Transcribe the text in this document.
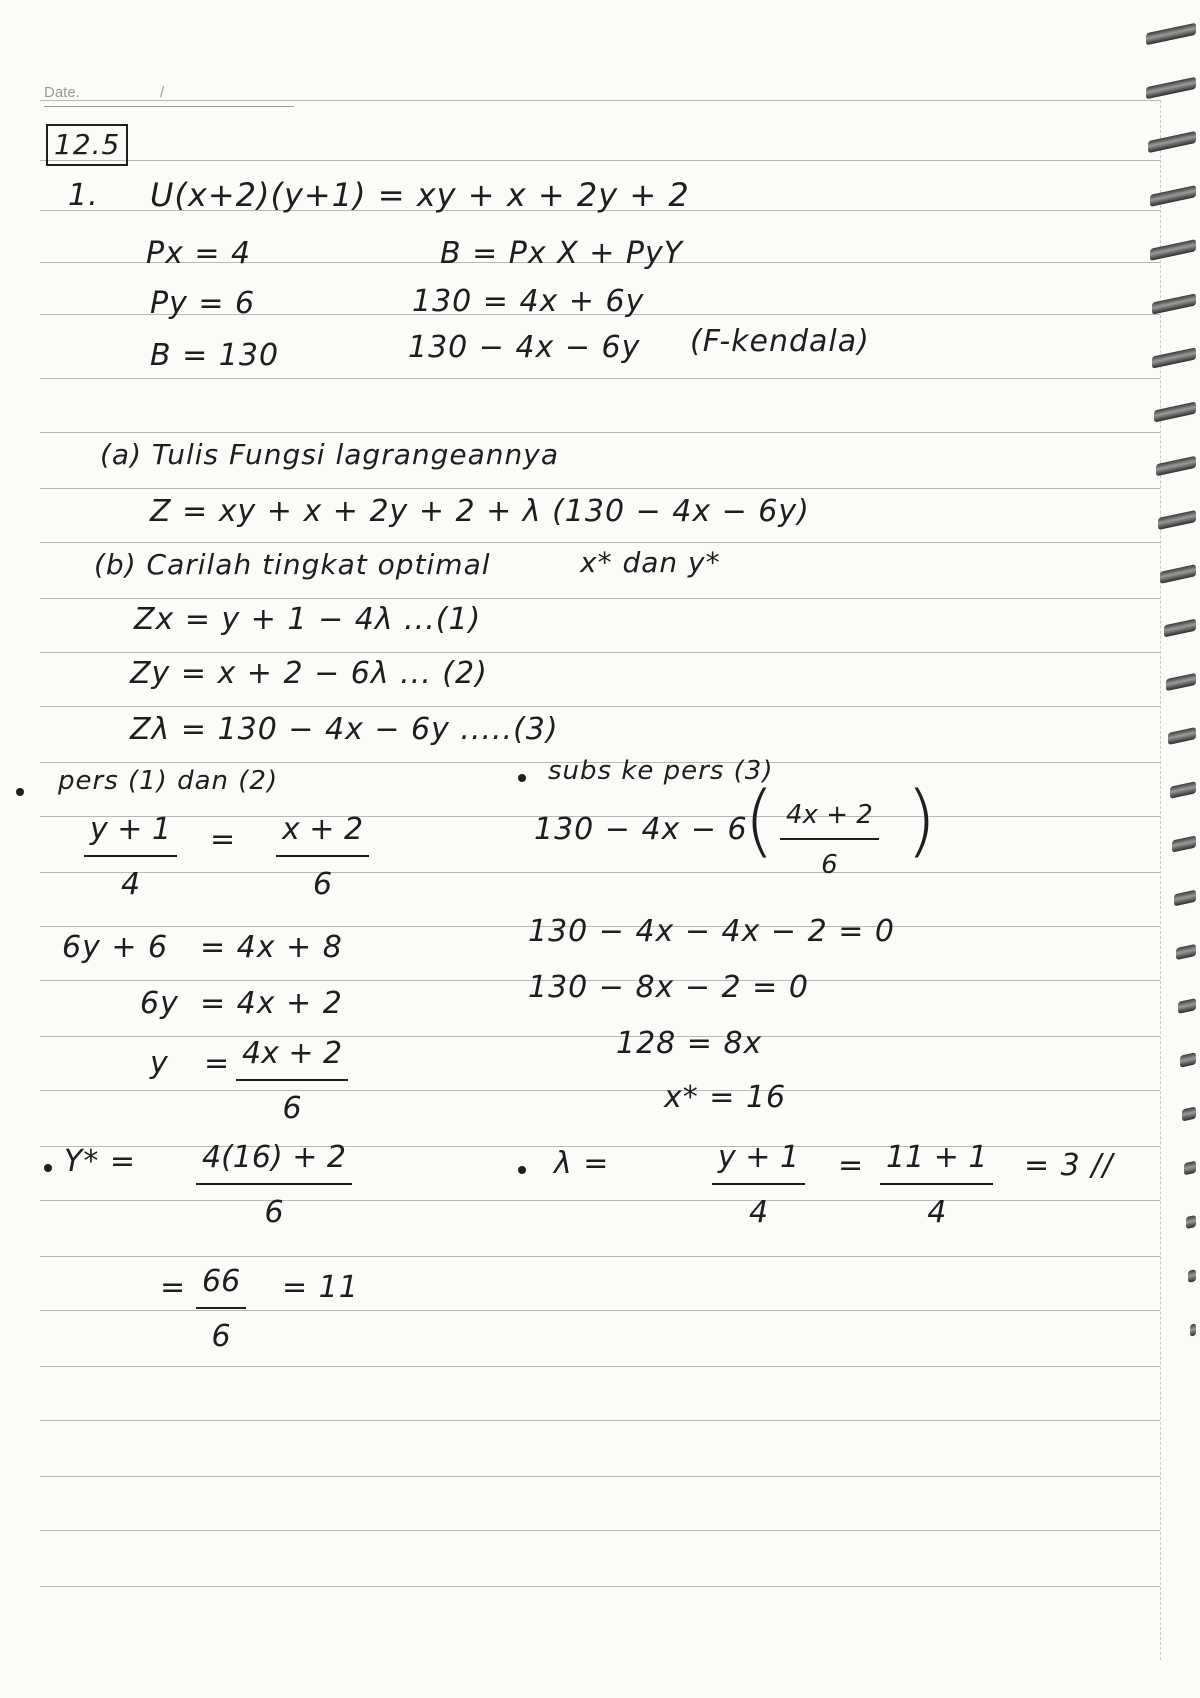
Date.	/
12.5
1. U(x+2)(y+1) = xy + x + 2y + 2
Px = 4	B = Px X + PyY
Py = 6	130 = 4x + 6y
B = 130	130 − 4x − 6y (F-kendala)
(a) Tulis Fungsi lagrangeannya
Z = xy + x + 2y + 2 + λ (130 − 4x − 6y)
(b) Carilah tingkat optimal	x* dan y*
Zx = y + 1 − 4λ ...(1)
Zy = x + 2 − 6λ ... (2)
Zλ = 130 − 4x − 6y .....(3)
pers (1) dan (2)
$\frac{y + 1}{4} = \frac{x + 2}{6}$
6y + 6 = 4x + 8
6y = 4x + 2
$y = \frac{4x + 2}{6}$
subs ke pers (3)
130 − 4x − 6
( $\frac{4x + 2}{6}$ )
130 − 4x − 4x − 2 = 0
130 − 8x − 2 = 0
128 = 8x
x* = 16
$Y* = \frac{4(16) + 2}{6}$
= $\frac{66}{6} = 11$
λ =	$\frac{y + 1}{4} = \frac{11 + 1}{4} = 3$ //
